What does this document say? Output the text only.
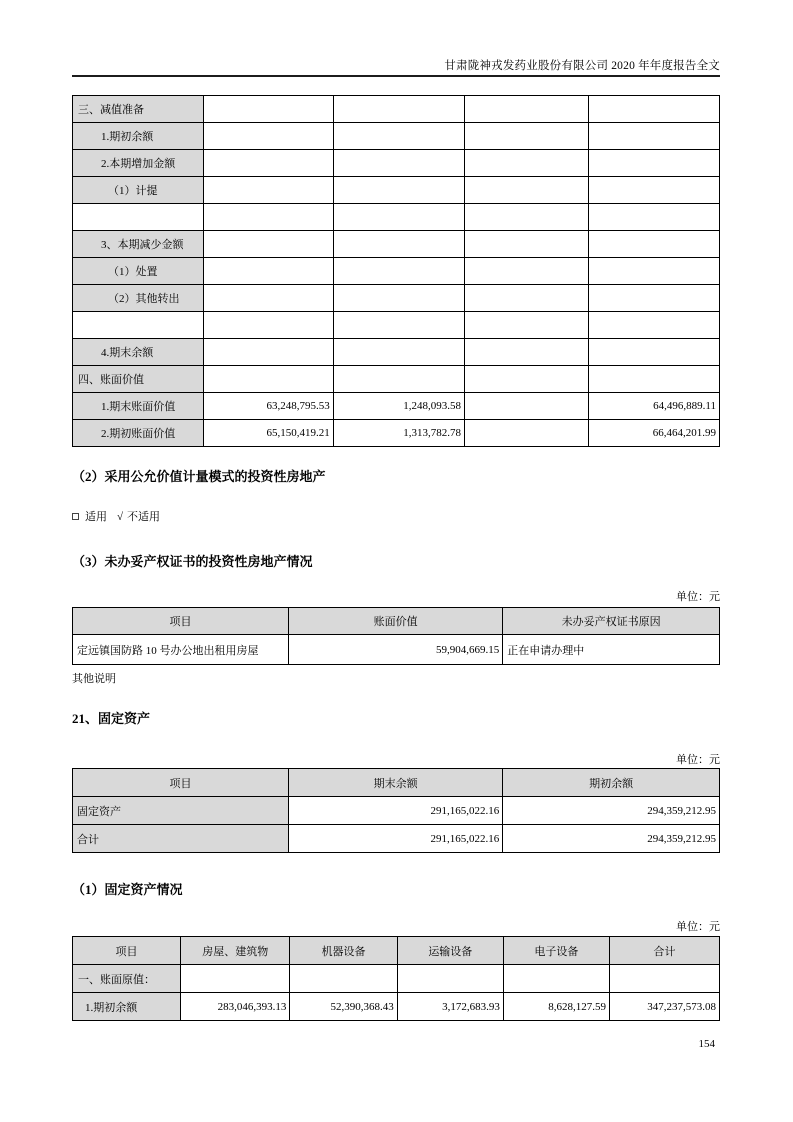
甘肃陇神戎发药业股份有限公司 2020 年年度报告全文
三、减值准备				
1.期初余额				
2.本期增加金额				
（1）计提				

3、本期减少金额				
（1）处置				
（2）其他转出				

4.期末余额				
四、账面价值				
1.期末账面价值	63,248,795.53	1,248,093.58		64,496,889.11
2.期初账面价值	65,150,419.21	1,313,782.78		66,464,201.99
（2）采用公允价值计量模式的投资性房地产
适用 √ 不适用
（3）未办妥产权证书的投资性房地产情况
单位：元
项目	账面价值	未办妥产权证书原因
定远镇国防路 10 号办公地出租用房屋	59,904,669.15	正在申请办理中
其他说明
21、固定资产
单位：元
项目	期末余额	期初余额
固定资产	291,165,022.16	294,359,212.95
合计	291,165,022.16	294,359,212.95
（1）固定资产情况
单位：元
项目	房屋、建筑物	机器设备	运输设备	电子设备	合计
一、账面原值：					
1.期初余额	283,046,393.13	52,390,368.43	3,172,683.93	8,628,127.59	347,237,573.08
154
